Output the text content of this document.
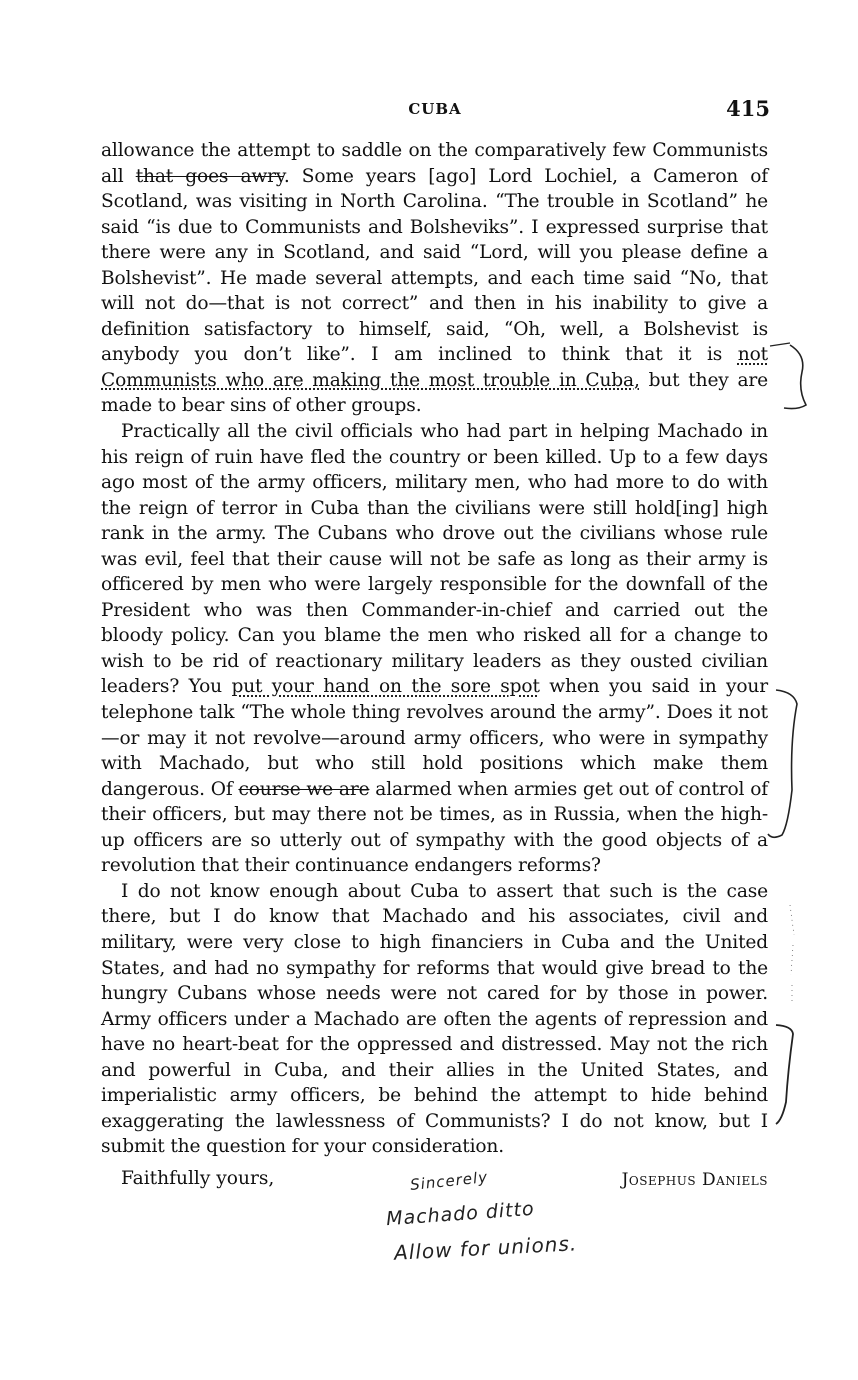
CUBA	415

allowance the attempt to saddle on the comparatively few Communists all that goes awry. Some years [ago] Lord Lochiel, a Cameron of Scotland, was visiting in North Carolina. “The trouble in Scotland” he said “is due to Communists and Bolsheviks”. I expressed surprise that there were any in Scotland, and said “Lord, will you please define a Bolshevist”. He made several attempts, and each time said “No, that will not do—that is not correct” and then in his inability to give a definition satisfactory to himself, said, “Oh, well, a Bolshevist is anybody you don’t like”. I am inclined to think that it is not Communists who are making the most trouble in Cuba, but they are made to bear sins of other groups.

Practically all the civil officials who had part in helping Machado in his reign of ruin have fled the country or been killed. Up to a few days ago most of the army officers, military men, who had more to do with the reign of terror in Cuba than the civilians were still hold[ing] high rank in the army. The Cubans who drove out the civilians whose rule was evil, feel that their cause will not be safe as long as their army is officered by men who were largely responsible for the downfall of the President who was then Commander-in-chief and carried out the bloody policy. Can you blame the men who risked all for a change to wish to be rid of reactionary military leaders as they ousted civilian leaders? You put your hand on the sore spot when you said in your telephone talk “The whole thing revolves around the army”. Does it not—or may it not revolve—around army officers, who were in sympathy with Machado, but who still hold positions which make them dangerous. Of course we are alarmed when armies get out of control of their officers, but may there not be times, as in Russia, when the high-up officers are so utterly out of sympathy with the good objects of a revolution that their continuance endangers reforms?

I do not know enough about Cuba to assert that such is the case there, but I do know that Machado and his associates, civil and military, were very close to high financiers in Cuba and the United States, and had no sympathy for reforms that would give bread to the hungry Cubans whose needs were not cared for by those in power. Army officers under a Machado are often the agents of repression and have no heart-beat for the oppressed and distressed. May not the rich and powerful in Cuba, and their allies in the United States, and imperialistic army officers, be behind the attempt to hide behind exaggerating the lawlessness of Communists? I do not know, but I submit the question for your consideration.

Faithfully yours,	Josephus Daniels
Sincerely
Machado ditto
Allow for unions.
